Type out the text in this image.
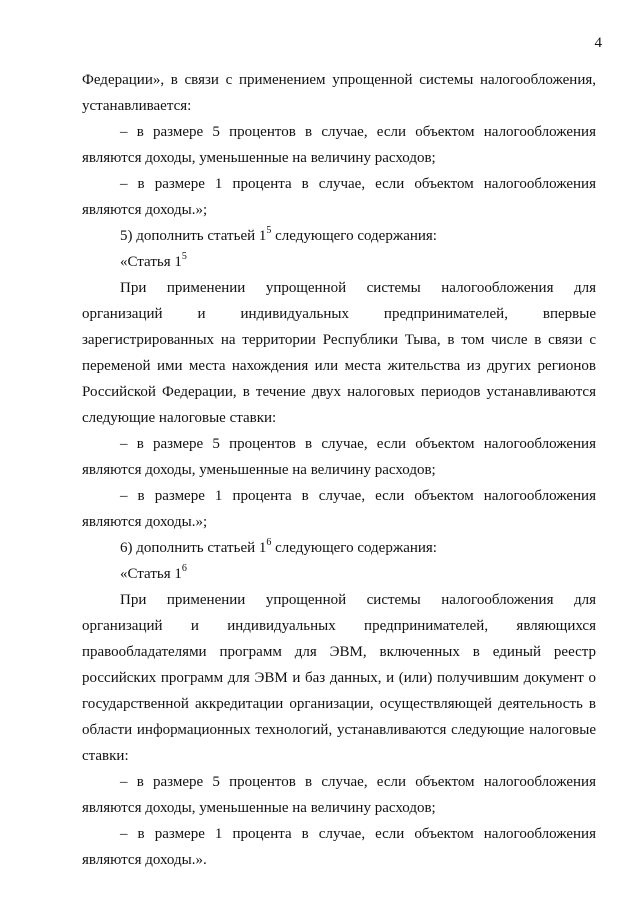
4

Федерации», в связи с применением упрощенной системы налогообложения, устанавливается:

– в размере 5 процентов в случае, если объектом налогообложения являются доходы, уменьшенные на величину расходов;

– в размере 1 процента в случае, если объектом налогообложения являются доходы.»;

5) дополнить статьей $1^5$ следующего содержания:

«Статья $1^5$

При применении упрощенной системы налогообложения для организаций и индивидуальных предпринимателей, впервые зарегистрированных на территории Республики Тыва, в том числе в связи с переменой ими места нахождения или места жительства из других регионов Российской Федерации, в течение двух налоговых периодов устанавливаются следующие налоговые ставки:

– в размере 5 процентов в случае, если объектом налогообложения являются доходы, уменьшенные на величину расходов;

– в размере 1 процента в случае, если объектом налогообложения являются доходы.»;

6) дополнить статьей $1^6$ следующего содержания:

«Статья $1^6$

При применении упрощенной системы налогообложения для организаций и индивидуальных предпринимателей, являющихся правообладателями программ для ЭВМ, включенных в единый реестр российских программ для ЭВМ и баз данных, и (или) получившим документ о государственной аккредитации организации, осуществляющей деятельность в области информационных технологий, устанавливаются следующие налоговые ставки:

– в размере 5 процентов в случае, если объектом налогообложения являются доходы, уменьшенные на величину расходов;

– в размере 1 процента в случае, если объектом налогообложения являются доходы.».
